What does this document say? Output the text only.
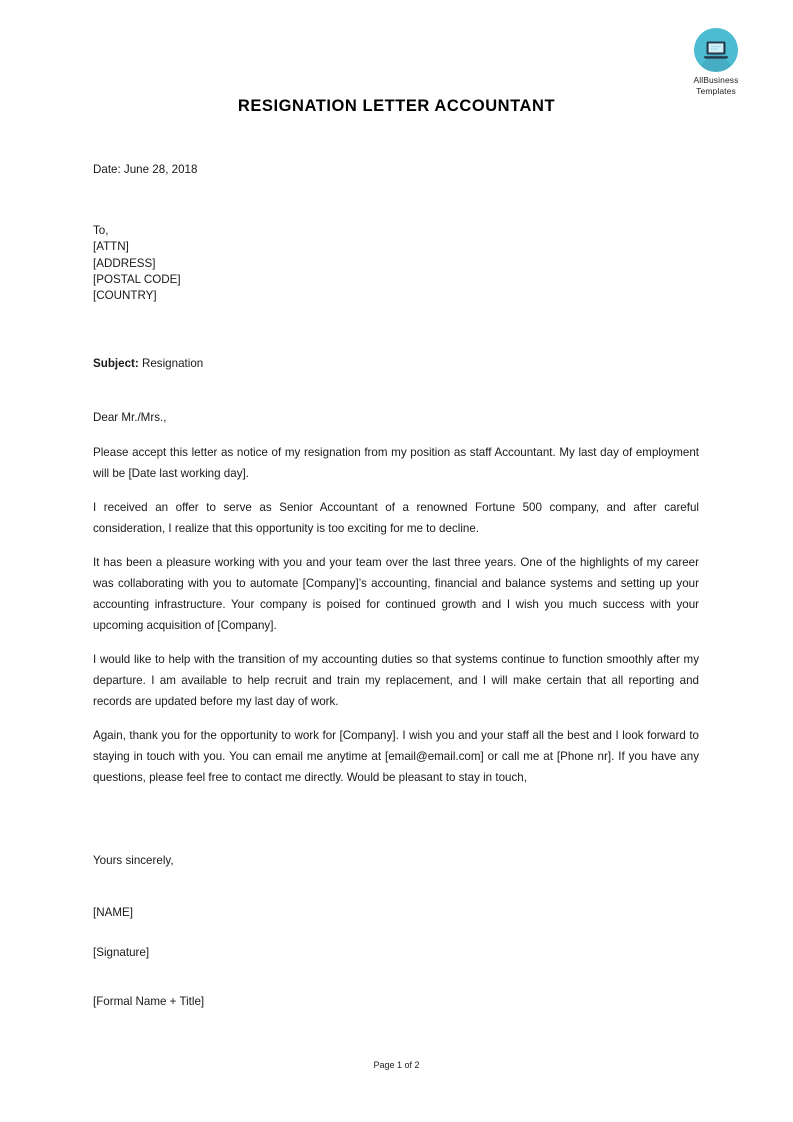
AllBusiness
Templates
RESIGNATION LETTER ACCOUNTANT
Date: June 28, 2018
To,
[ATTN]
[ADDRESS]
[POSTAL CODE]
[COUNTRY]
Subject: Resignation
Dear Mr./Mrs.,

Please accept this letter as notice of my resignation from my position as staff Accountant. My last day of employment will be [Date last working day].

I received an offer to serve as Senior Accountant of a renowned Fortune 500 company, and after careful consideration, I realize that this opportunity is too exciting for me to decline.

It has been a pleasure working with you and your team over the last three years. One of the highlights of my career was collaborating with you to automate [Company]’s accounting, financial and balance systems and setting up your accounting infrastructure. Your company is poised for continued growth and I wish you much success with your upcoming acquisition of [Company].

I would like to help with the transition of my accounting duties so that systems continue to function smoothly after my departure. I am available to help recruit and train my replacement, and I will make certain that all reporting and records are updated before my last day of work.

Again, thank you for the opportunity to work for [Company]. I wish you and your staff all the best and I look forward to staying in touch with you. You can email me anytime at [email@email.com] or call me at [Phone nr]. If you have any questions, please feel free to contact me directly. Would be pleasant to stay in touch,

Yours sincerely,
[NAME]
[Signature]
[Formal Name + Title]
Page 1 of 2
